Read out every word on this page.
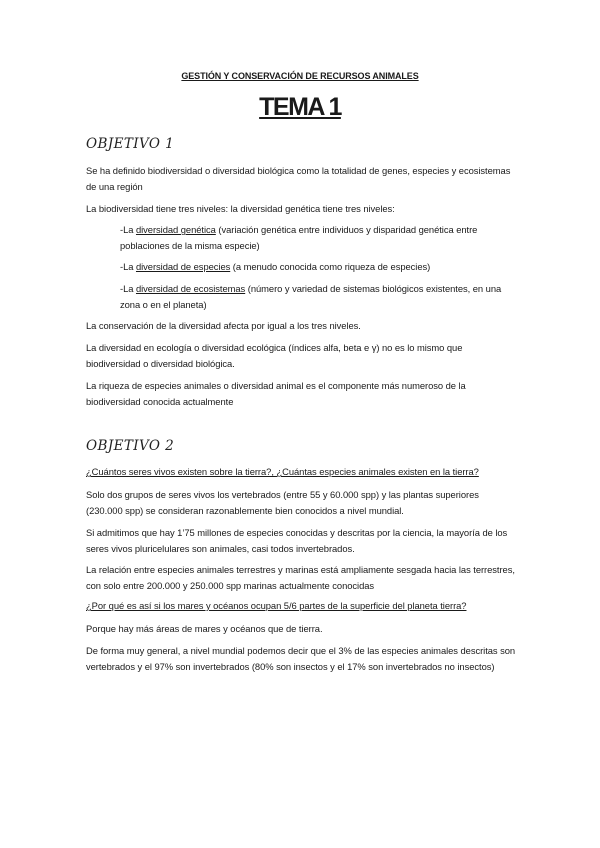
GESTIÓN Y CONSERVACIÓN DE RECURSOS ANIMALES
TEMA 1
OBJETIVO 1
Se ha definido biodiversidad o diversidad biológica como la totalidad de genes, especies y ecosistemas de una región
La biodiversidad tiene tres niveles: la diversidad genética tiene tres niveles:
-La diversidad genética (variación genética entre individuos y disparidad genética entre poblaciones de la misma especie)
-La diversidad de especies (a menudo conocida como riqueza de especies)
-La diversidad de ecosistemas (número y variedad de sistemas biológicos existentes, en una zona o en el planeta)
La conservación de la diversidad afecta por igual a los tres niveles.
La diversidad en ecología o diversidad ecológica (índices alfa, beta e γ) no es lo mismo que biodiversidad o diversidad biológica.
La riqueza de especies animales o diversidad animal es el componente más numeroso de la biodiversidad conocida actualmente
OBJETIVO 2
¿Cuántos seres vivos existen sobre la tierra?, ¿Cuántas especies animales existen en la tierra?
Solo dos grupos de seres vivos los vertebrados (entre 55 y 60.000 spp) y las plantas superiores (230.000 spp) se consideran razonablemente bien conocidos a nivel mundial.
Si admitimos que hay 1’75 millones de especies conocidas y descritas por la ciencia, la mayoría de los seres vivos pluricelulares son animales, casi todos invertebrados.
La relación entre especies animales terrestres y marinas está ampliamente sesgada hacia las terrestres, con solo entre 200.000 y 250.000 spp marinas actualmente conocidas
¿Por qué es así si los mares y océanos ocupan 5/6 partes de la superficie del planeta tierra?
Porque hay más áreas de mares y océanos que de tierra.
De forma muy general, a nivel mundial podemos decir que el 3% de las especies animales descritas son vertebrados y el 97% son invertebrados (80% son insectos y el 17% son invertebrados no insectos)
